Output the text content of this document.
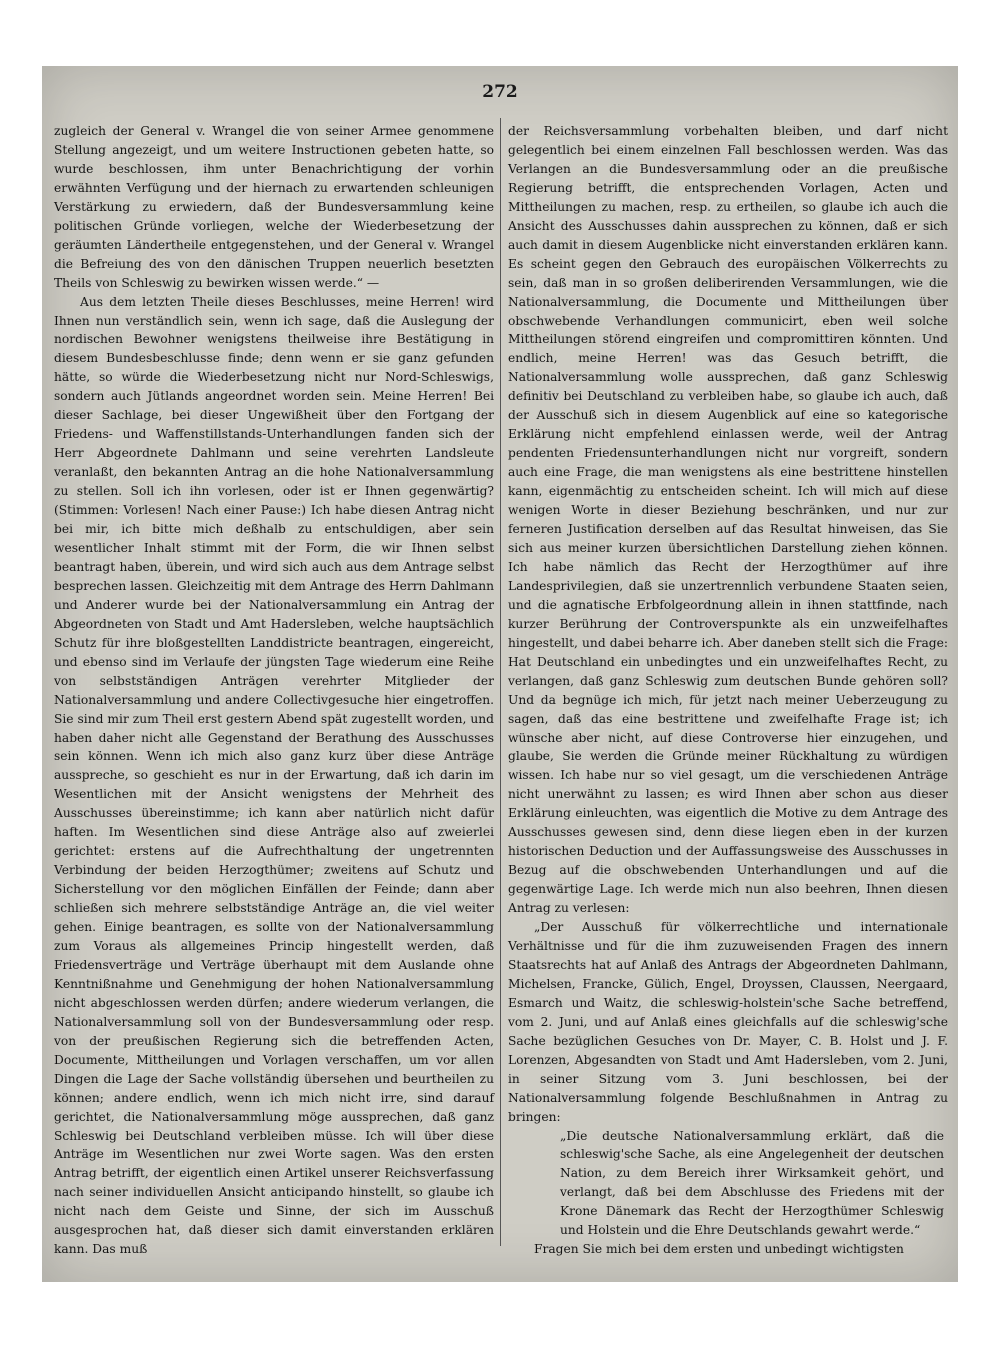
272

zugleich der General v. Wrangel die von seiner Armee genommene Stellung angezeigt, und um weitere Instructionen gebeten hatte, so wurde beschlossen, ihm unter Benachrichtigung der vorhin erwähnten Verfügung und der hiernach zu erwartenden schleunigen Verstärkung zu erwiedern, daß der Bundesversammlung keine politischen Gründe vorliegen, welche der Wiederbesetzung der geräumten Ländertheile entgegenstehen, und der General v. Wrangel die Befreiung des von den dänischen Truppen neuerlich besetzten Theils von Schleswig zu bewirken wissen werde.“ —

Aus dem letzten Theile dieses Beschlusses, meine Herren! wird Ihnen nun verständlich sein, wenn ich sage, daß die Auslegung der nordischen Bewohner wenigstens theilweise ihre Bestätigung in diesem Bundesbeschlusse finde; denn wenn er sie ganz gefunden hätte, so würde die Wiederbesetzung nicht nur Nord-Schleswigs, sondern auch Jütlands angeordnet worden sein. Meine Herren! Bei dieser Sachlage, bei dieser Ungewißheit über den Fortgang der Friedens- und Waffenstillstands-Unterhandlungen fanden sich der Herr Abgeordnete Dahlmann und seine verehrten Landsleute veranlaßt, den bekannten Antrag an die hohe Nationalversammlung zu stellen. Soll ich ihn vorlesen, oder ist er Ihnen gegenwärtig? (Stimmen: Vorlesen! Nach einer Pause:) Ich habe diesen Antrag nicht bei mir, ich bitte mich deßhalb zu entschuldigen, aber sein wesentlicher Inhalt stimmt mit der Form, die wir Ihnen selbst beantragt haben, überein, und wird sich auch aus dem Antrage selbst besprechen lassen. Gleichzeitig mit dem Antrage des Herrn Dahlmann und Anderer wurde bei der Nationalversammlung ein Antrag der Abgeordneten von Stadt und Amt Hadersleben, welche hauptsächlich Schutz für ihre bloßgestellten Landdistricte beantragen, eingereicht, und ebenso sind im Verlaufe der jüngsten Tage wiederum eine Reihe von selbstständigen Anträgen verehrter Mitglieder der Nationalversammlung und andere Collectivgesuche hier eingetroffen. Sie sind mir zum Theil erst gestern Abend spät zugestellt worden, und haben daher nicht alle Gegenstand der Berathung des Ausschusses sein können. Wenn ich mich also ganz kurz über diese Anträge ausspreche, so geschieht es nur in der Erwartung, daß ich darin im Wesentlichen mit der Ansicht wenigstens der Mehrheit des Ausschusses übereinstimme; ich kann aber natürlich nicht dafür haften. Im Wesentlichen sind diese Anträge also auf zweierlei gerichtet: erstens auf die Aufrechthaltung der ungetrennten Verbindung der beiden Herzogthümer; zweitens auf Schutz und Sicherstellung vor den möglichen Einfällen der Feinde; dann aber schließen sich mehrere selbstständige Anträge an, die viel weiter gehen. Einige beantragen, es sollte von der Nationalversammlung zum Voraus als allgemeines Princip hingestellt werden, daß Friedensverträge und Verträge überhaupt mit dem Auslande ohne Kenntnißnahme und Genehmigung der hohen Nationalversammlung nicht abgeschlossen werden dürfen; andere wiederum verlangen, die Nationalversammlung soll von der Bundesversammlung oder resp. von der preußischen Regierung sich die betreffenden Acten, Documente, Mittheilungen und Vorlagen verschaffen, um vor allen Dingen die Lage der Sache vollständig übersehen und beurtheilen zu können; andere endlich, wenn ich mich nicht irre, sind darauf gerichtet, die Nationalversammlung möge aussprechen, daß ganz Schleswig bei Deutschland verbleiben müsse. Ich will über diese Anträge im Wesentlichen nur zwei Worte sagen. Was den ersten Antrag betrifft, der eigentlich einen Artikel unserer Reichsverfassung nach seiner individuellen Ansicht anticipando hinstellt, so glaube ich nicht nach dem Geiste und Sinne, der sich im Ausschuß ausgesprochen hat, daß dieser sich damit einverstanden erklären kann. Das muß

der Reichsversammlung vorbehalten bleiben, und darf nicht gelegentlich bei einem einzelnen Fall beschlossen werden. Was das Verlangen an die Bundesversammlung oder an die preußische Regierung betrifft, die entsprechenden Vorlagen, Acten und Mittheilungen zu machen, resp. zu ertheilen, so glaube ich auch die Ansicht des Ausschusses dahin aussprechen zu können, daß er sich auch damit in diesem Augenblicke nicht einverstanden erklären kann. Es scheint gegen den Gebrauch des europäischen Völkerrechts zu sein, daß man in so großen deliberirenden Versammlungen, wie die Nationalversammlung, die Documente und Mittheilungen über obschwebende Verhandlungen communicirt, eben weil solche Mittheilungen störend eingreifen und compromittiren könnten. Und endlich, meine Herren! was das Gesuch betrifft, die Nationalversammlung wolle aussprechen, daß ganz Schleswig definitiv bei Deutschland zu verbleiben habe, so glaube ich auch, daß der Ausschuß sich in diesem Augenblick auf eine so kategorische Erklärung nicht empfehlend einlassen werde, weil der Antrag pendenten Friedensunterhandlungen nicht nur vorgreift, sondern auch eine Frage, die man wenigstens als eine bestrittene hinstellen kann, eigenmächtig zu entscheiden scheint. Ich will mich auf diese wenigen Worte in dieser Beziehung beschränken, und nur zur ferneren Justification derselben auf das Resultat hinweisen, das Sie sich aus meiner kurzen übersichtlichen Darstellung ziehen können. Ich habe nämlich das Recht der Herzogthümer auf ihre Landesprivilegien, daß sie unzertrennlich verbundene Staaten seien, und die agnatische Erbfolgeordnung allein in ihnen stattfinde, nach kurzer Berührung der Controverspunkte als ein unzweifelhaftes hingestellt, und dabei beharre ich. Aber daneben stellt sich die Frage: Hat Deutschland ein unbedingtes und ein unzweifelhaftes Recht, zu verlangen, daß ganz Schleswig zum deutschen Bunde gehören soll? Und da begnüge ich mich, für jetzt nach meiner Ueberzeugung zu sagen, daß das eine bestrittene und zweifelhafte Frage ist; ich wünsche aber nicht, auf diese Controverse hier einzugehen, und glaube, Sie werden die Gründe meiner Rückhaltung zu würdigen wissen. Ich habe nur so viel gesagt, um die verschiedenen Anträge nicht unerwähnt zu lassen; es wird Ihnen aber schon aus dieser Erklärung einleuchten, was eigentlich die Motive zu dem Antrage des Ausschusses gewesen sind, denn diese liegen eben in der kurzen historischen Deduction und der Auffassungsweise des Ausschusses in Bezug auf die obschwebenden Unterhandlungen und auf die gegenwärtige Lage. Ich werde mich nun also beehren, Ihnen diesen Antrag zu verlesen:

„Der Ausschuß für völkerrechtliche und internationale Verhältnisse und für die ihm zuzuweisenden Fragen des innern Staatsrechts hat auf Anlaß des Antrags der Abgeordneten Dahlmann, Michelsen, Francke, Gülich, Engel, Droyssen, Claussen, Neergaard, Esmarch und Waitz, die schleswig-holstein'sche Sache betreffend, vom 2. Juni, und auf Anlaß eines gleichfalls auf die schleswig'sche Sache bezüglichen Gesuches von Dr. Mayer, C. B. Holst und J. F. Lorenzen, Abgesandten von Stadt und Amt Hadersleben, vom 2. Juni, in seiner Sitzung vom 3. Juni beschlossen, bei der Nationalversammlung folgende Beschlußnahmen in Antrag zu bringen:

„Die deutsche Nationalversammlung erklärt, daß die schleswig'sche Sache, als eine Angelegenheit der deutschen Nation, zu dem Bereich ihrer Wirksamkeit gehört, und verlangt, daß bei dem Abschlusse des Friedens mit der Krone Dänemark das Recht der Herzogthümer Schleswig und Holstein und die Ehre Deutschlands gewahrt werde.“

Fragen Sie mich bei dem ersten und unbedingt wichtigsten
